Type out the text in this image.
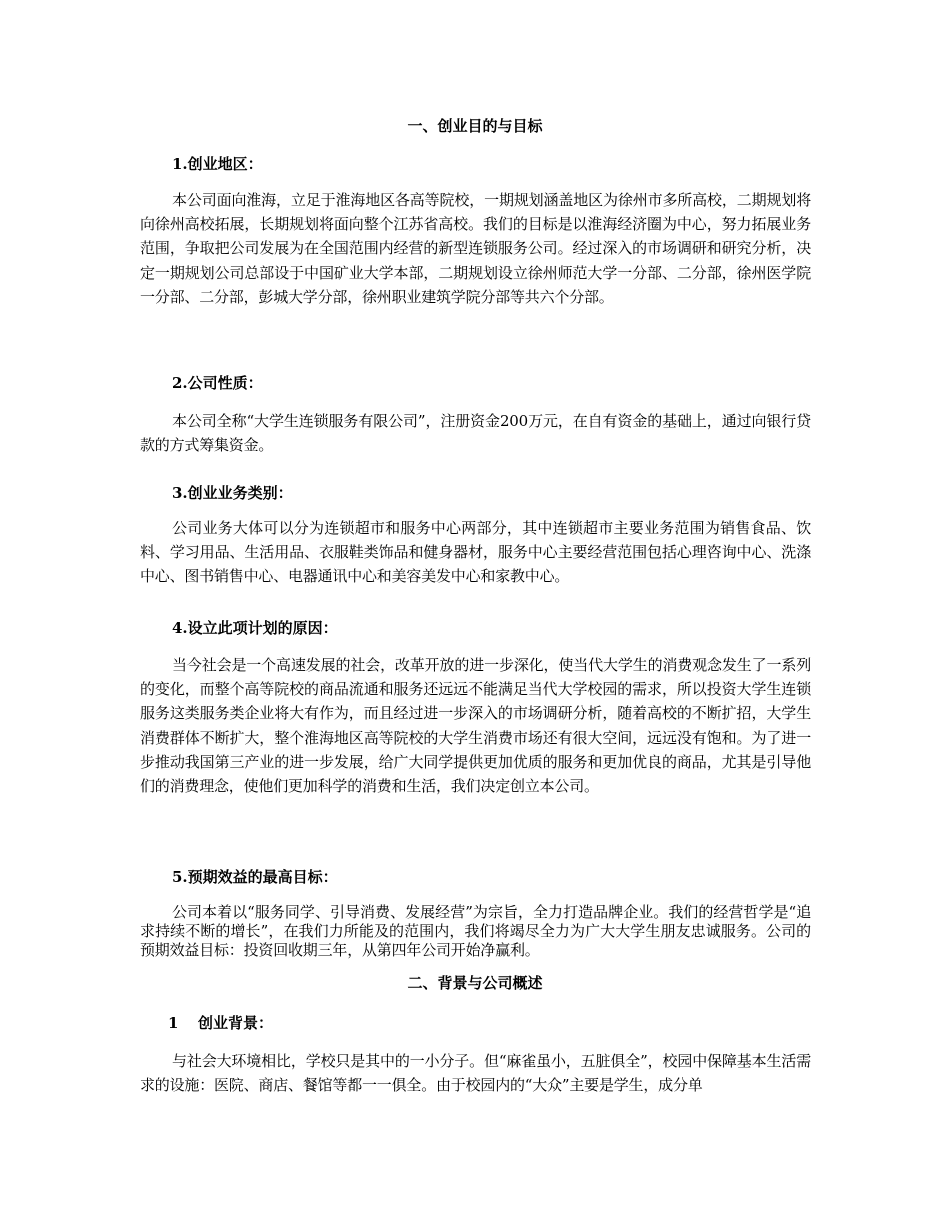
一、创业目的与目标
1.创业地区：
本公司面向淮海，立足于淮海地区各高等院校，一期规划涵盖地区为徐州市多所高校，二期规划将向徐州高校拓展，长期规划将面向整个江苏省高校。我们的目标是以淮海经济圈为中心，努力拓展业务范围，争取把公司发展为在全国范围内经营的新型连锁服务公司。经过深入的市场调研和研究分析，决定一期规划公司总部设于中国矿业大学本部，二期规划设立徐州师范大学一分部、二分部，徐州医学院一分部、二分部，彭城大学分部，徐州职业建筑学院分部等共六个分部。
2.公司性质：
本公司全称“大学生连锁服务有限公司”，注册资金200万元，在自有资金的基础上，通过向银行贷款的方式筹集资金。
3.创业业务类别：
公司业务大体可以分为连锁超市和服务中心两部分，其中连锁超市主要业务范围为销售食品、饮料、学习用品、生活用品、衣服鞋类饰品和健身器材，服务中心主要经营范围包括心理咨询中心、洗涤中心、图书销售中心、电器通讯中心和美容美发中心和家教中心。
4.设立此项计划的原因：
当今社会是一个高速发展的社会，改革开放的进一步深化，使当代大学生的消费观念发生了一系列的变化，而整个高等院校的商品流通和服务还远远不能满足当代大学校园的需求，所以投资大学生连锁服务这类服务类企业将大有作为，而且经过进一步深入的市场调研分析，随着高校的不断扩招，大学生消费群体不断扩大，整个淮海地区高等院校的大学生消费市场还有很大空间，远远没有饱和。为了进一步推动我国第三产业的进一步发展，给广大同学提供更加优质的服务和更加优良的商品，尤其是引导他们的消费理念，使他们更加科学的消费和生活，我们决定创立本公司。
5.预期效益的最高目标：
公司本着以“服务同学、引导消费、发展经营”为宗旨，全力打造品牌企业。我们的经营哲学是“追求持续不断的增长”，在我们力所能及的范围内，我们将竭尽全力为广大大学生朋友忠诚服务。公司的预期效益目标：投资回收期三年，从第四年公司开始净赢利。
二、背景与公司概述
1 创业背景：
与社会大环境相比，学校只是其中的一小分子。但“麻雀虽小，五脏俱全”，校园中保障基本生活需求的设施：医院、商店、餐馆等都一一俱全。由于校园内的“大众”主要是学生，成分单
